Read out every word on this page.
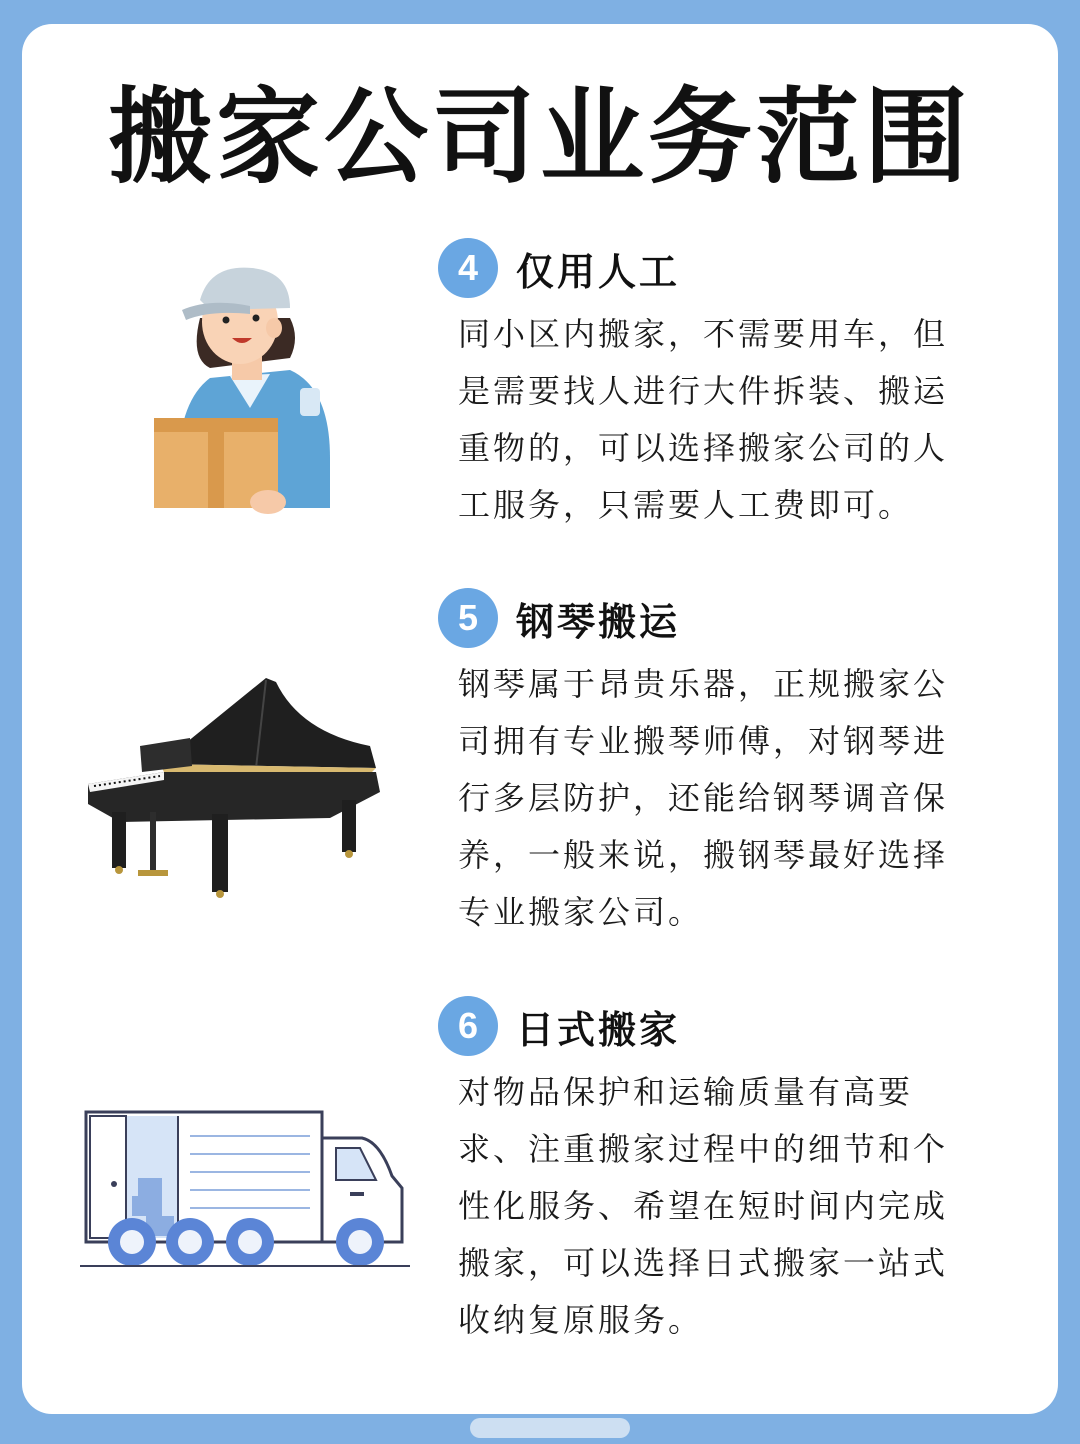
搬家公司业务范围
4 仅用人工
同小区内搬家，不需要用车，但
是需要找人进行大件拆装、搬运
重物的，可以选择搬家公司的人
工服务，只需要人工费即可。
5 钢琴搬运
钢琴属于昂贵乐器，正规搬家公
司拥有专业搬琴师傅，对钢琴进
行多层防护，还能给钢琴调音保
养，一般来说，搬钢琴最好选择
专业搬家公司。
6 日式搬家
对物品保护和运输质量有高要
求、注重搬家过程中的细节和个
性化服务、希望在短时间内完成
搬家，可以选择日式搬家一站式
收纳复原服务。
